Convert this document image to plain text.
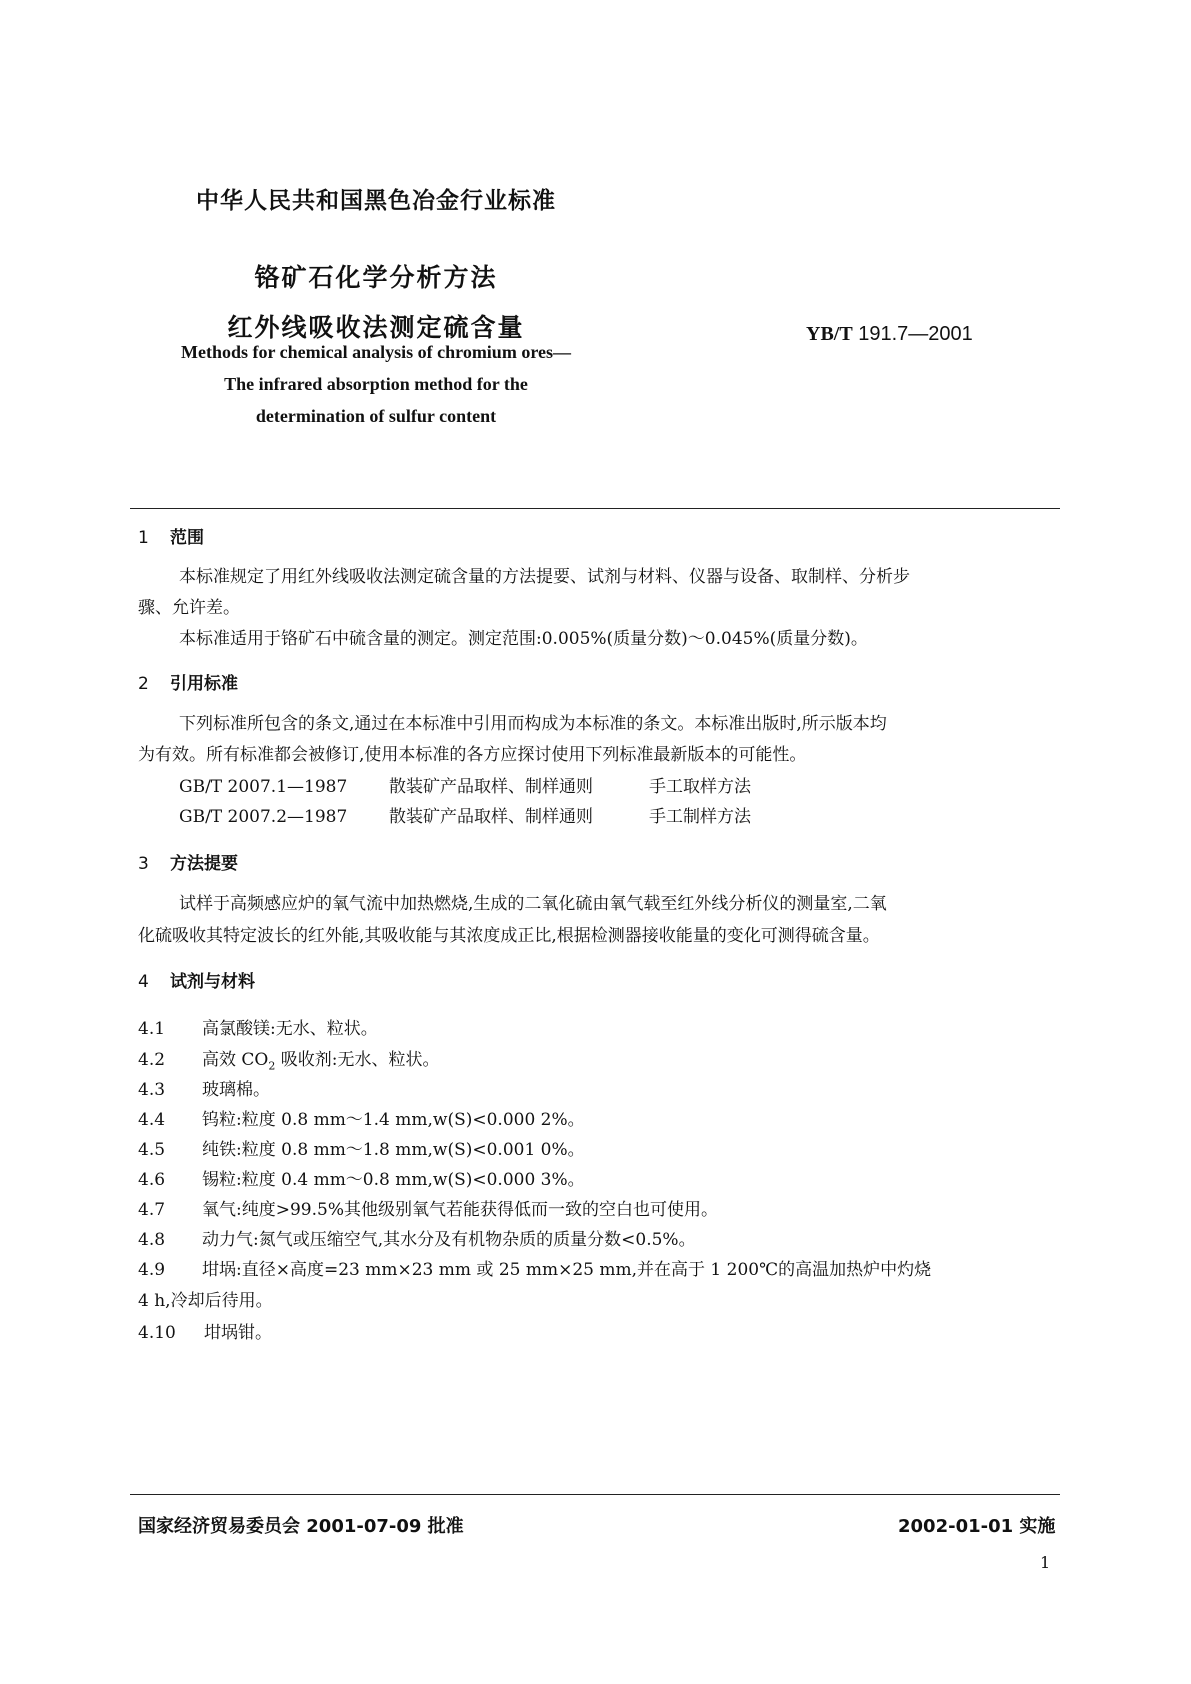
中华人民共和国黑色冶金行业标准
铬矿石化学分析方法
红外线吸收法测定硫含量	YB/T 191.7—2001
Methods for chemical analysis of chromium ores—
The infrared absorption method for the
determination of sulfur content
1 范围
本标准规定了用红外线吸收法测定硫含量的方法提要、试剂与材料、仪器与设备、取制样、分析步
骤、允许差。
本标准适用于铬矿石中硫含量的测定。测定范围:0.005%(质量分数)～0.045%(质量分数)。
2 引用标准
下列标准所包含的条文,通过在本标准中引用而构成为本标准的条文。本标准出版时,所示版本均
为有效。所有标准都会被修订,使用本标准的各方应探讨使用下列标准最新版本的可能性。
GB/T 2007.1—1987 散装矿产品取样、制样通则	手工取样方法
GB/T 2007.2—1987 散装矿产品取样、制样通则	手工制样方法
3 方法提要
试样于高频感应炉的氧气流中加热燃烧,生成的二氧化硫由氧气载至红外线分析仪的测量室,二氧
化硫吸收其特定波长的红外能,其吸收能与其浓度成正比,根据检测器接收能量的变化可测得硫含量。
4 试剂与材料
4.1 高氯酸镁:无水、粒状。
4.2 高效 $CO_2$ 吸收剂:无水、粒状。
4.3 玻璃棉。
4.4 钨粒:粒度 0.8 mm～1.4 mm,w(S)<0.000 2%。
4.5 纯铁:粒度 0.8 mm～1.8 mm,w(S)<0.001 0%。
4.6 锡粒:粒度 0.4 mm～0.8 mm,w(S)<0.000 3%。
4.7 氧气:纯度>99.5%其他级别氧气若能获得低而一致的空白也可使用。
4.8 动力气:氮气或压缩空气,其水分及有机物杂质的质量分数<0.5%。
4.9 坩埚:直径×高度=23 mm×23 mm 或 25 mm×25 mm,并在高于 1 200℃的高温加热炉中灼烧
4 h,冷却后待用。
4.10 坩埚钳。
国家经济贸易委员会 2001-07-09 批准	2002-01-01 实施
1
